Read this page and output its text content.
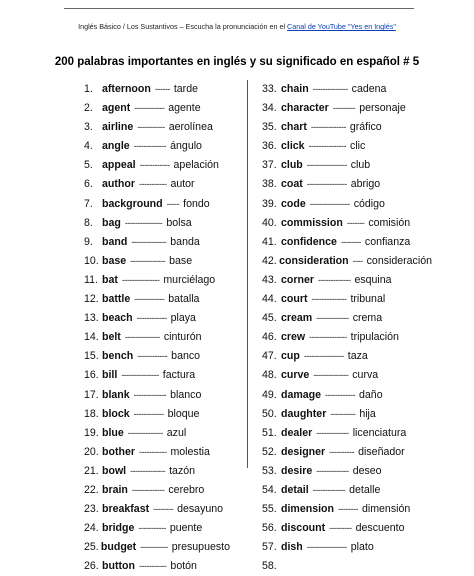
Inglés Básico / Los Sustantivos – Escucha la pronunciación en el Canal de YouTube "Yes en Inglés"
200 palabras importantes en inglés y su significado en español # 5
1. afternoon ------ tarde
2. agent ------------ agente
3. airline ----------- aerolínea
4. angle ------------- ángulo
5. appeal ------------ apelación
6. author ----------- autor
7. background ----- fondo
8. bag --------------- bolsa
9. band -------------- banda
10. base -------------- base
11. bat --------------- murciélago
12. battle ------------ batalla
13. beach ------------ playa
14. belt -------------- cinturón
15. bench ------------ banco
16. bill --------------- factura
17. blank ------------- blanco
18. block ------------ bloque
19. blue -------------- azul
20. bother ----------- molestia
21. bowl -------------- tazón
22. brain ------------- cerebro
23. breakfast -------- desayuno
24. bridge ----------- puente
25. budget ----------- presupuesto
26. button ----------- botón
33. chain -------------- cadena
34. character --------- personaje
35. chart -------------- gráfico
36. click --------------- clic
37. club ---------------- club
38. coat ---------------- abrigo
39. code ---------------- código
40. commission ------- comisión
41. confidence -------- confianza
42. consideration ---- consideración
43. corner ------------- esquina
44. court -------------- tribunal
45. cream ------------- crema
46. crew --------------- tripulación
47. cup ---------------- taza
48. curve -------------- curva
49. damage ------------ daño
50. daughter ---------- hija
51. dealer ------------- licenciatura
52. designer ---------- diseñador
53. desire ------------- deseo
54. detail ------------- detalle
55. dimension -------- dimensión
56. discount --------- descuento
57. dish ---------------- plato
58.
